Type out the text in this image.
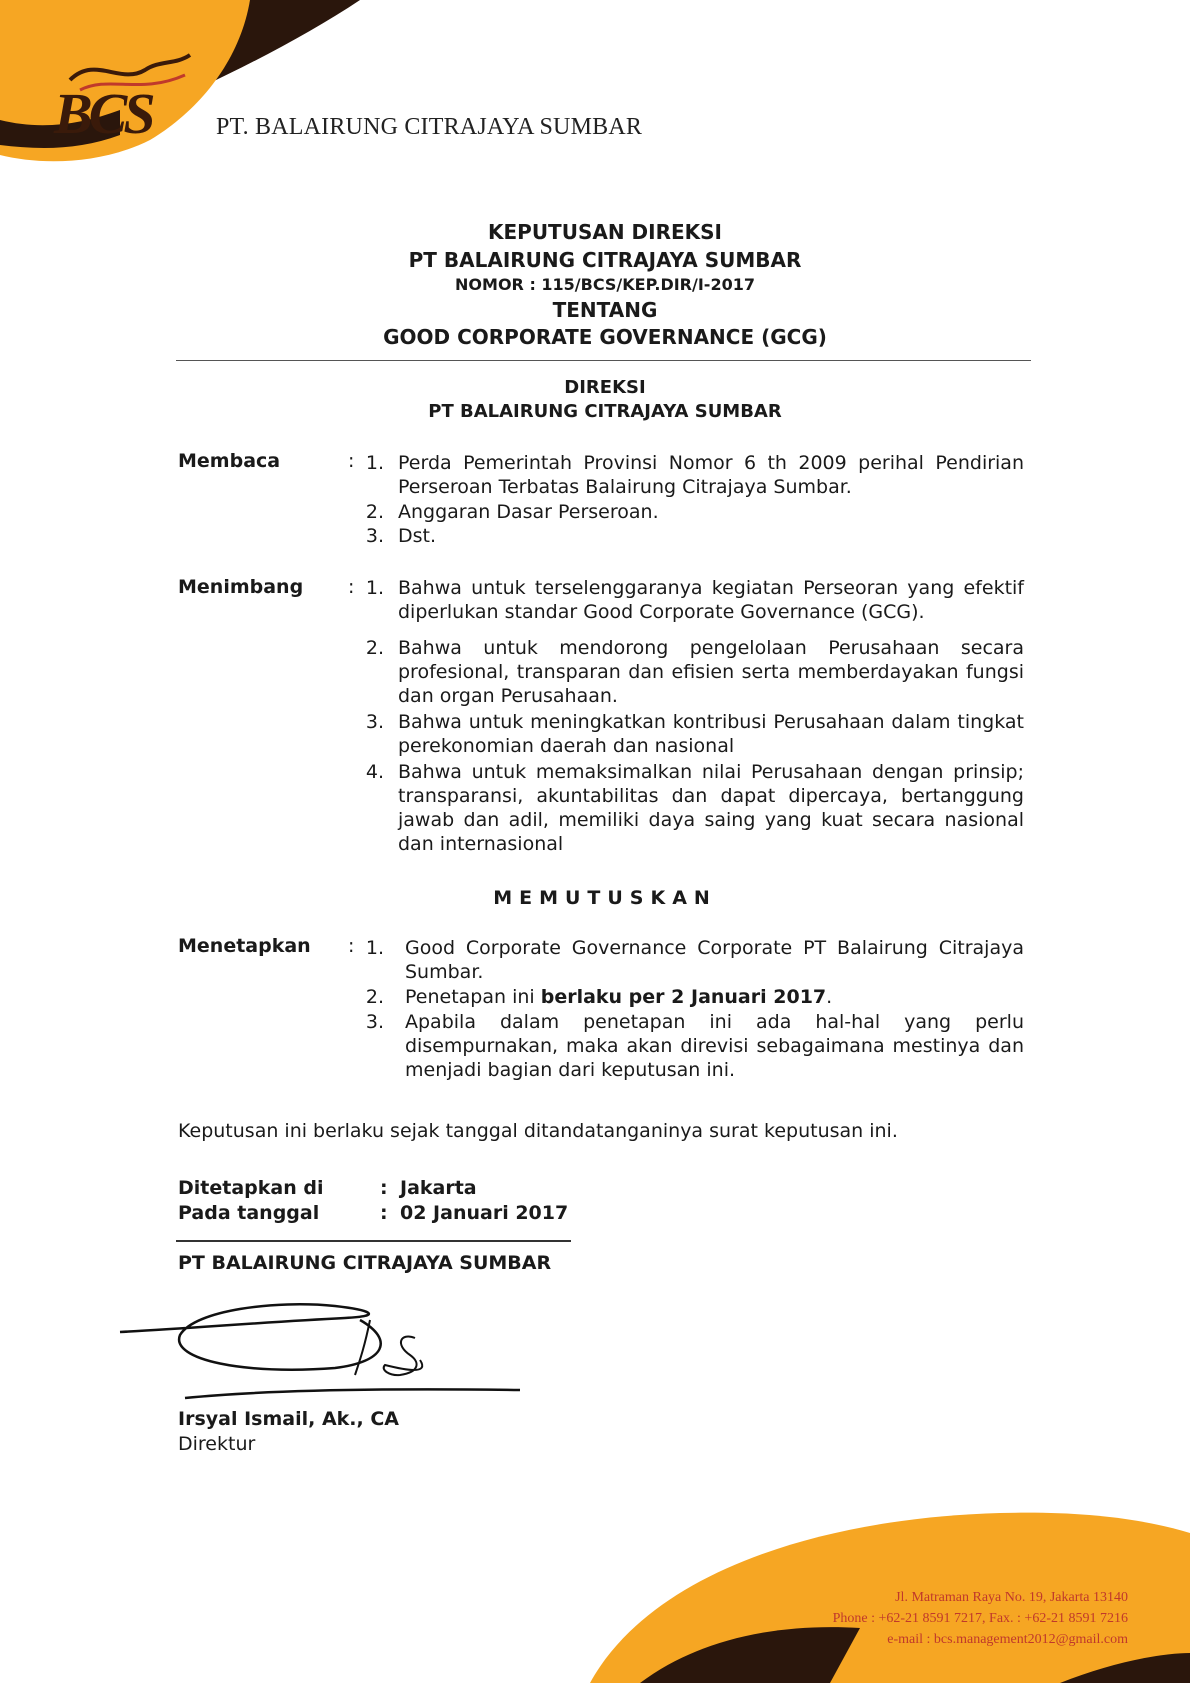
BCS	PT. BALAIRUNG CITRAJAYA SUMBAR
KEPUTUSAN DIREKSI
PT BALAIRUNG CITRAJAYA SUMBAR
NOMOR : 115/BCS/KEP.DIR/I-2017
TENTANG
GOOD CORPORATE GOVERNANCE (GCG)
DIREKSI
PT BALAIRUNG CITRAJAYA SUMBAR
Membaca	: 1. Perda Pemerintah Provinsi Nomor 6 th 2009 perihal Pendirian Perseroan Terbatas Balairung Citrajaya Sumbar.
2. Anggaran Dasar Perseroan.
3. Dst.
Menimbang : 1. Bahwa untuk terselenggaranya kegiatan Perseoran yang efektif diperlukan standar Good Corporate Governance (GCG).
2. Bahwa untuk mendorong pengelolaan Perusahaan secara profesional, transparan dan efisien serta memberdayakan fungsi dan organ Perusahaan.
3. Bahwa untuk meningkatkan kontribusi Perusahaan dalam tingkat perekonomian daerah dan nasional
4. Bahwa untuk memaksimalkan nilai Perusahaan dengan prinsip; transparansi, akuntabilitas dan dapat dipercaya, bertanggung jawab dan adil, memiliki daya saing yang kuat secara nasional dan internasional
MEMUTUSKAN
Menetapkan : 1. Good Corporate Governance Corporate PT Balairung Citrajaya Sumbar.
2. Penetapan ini berlaku per 2 Januari 2017.
3. Apabila dalam penetapan ini ada hal-hal yang perlu disempurnakan, maka akan direvisi sebagaimana mestinya dan menjadi bagian dari keputusan ini.
Keputusan ini berlaku sejak tanggal ditandatanganinya surat keputusan ini.
Ditetapkan di	: Jakarta
Pada tanggal	: 02 Januari 2017
PT BALAIRUNG CITRAJAYA SUMBAR
Irsyal Ismail, Ak., CA
Direktur
Jl. Matraman Raya No. 19, Jakarta 13140
Phone : +62-21 8591 7217, Fax. : +62-21 8591 7216
e-mail : bcs.management2012@gmail.com
